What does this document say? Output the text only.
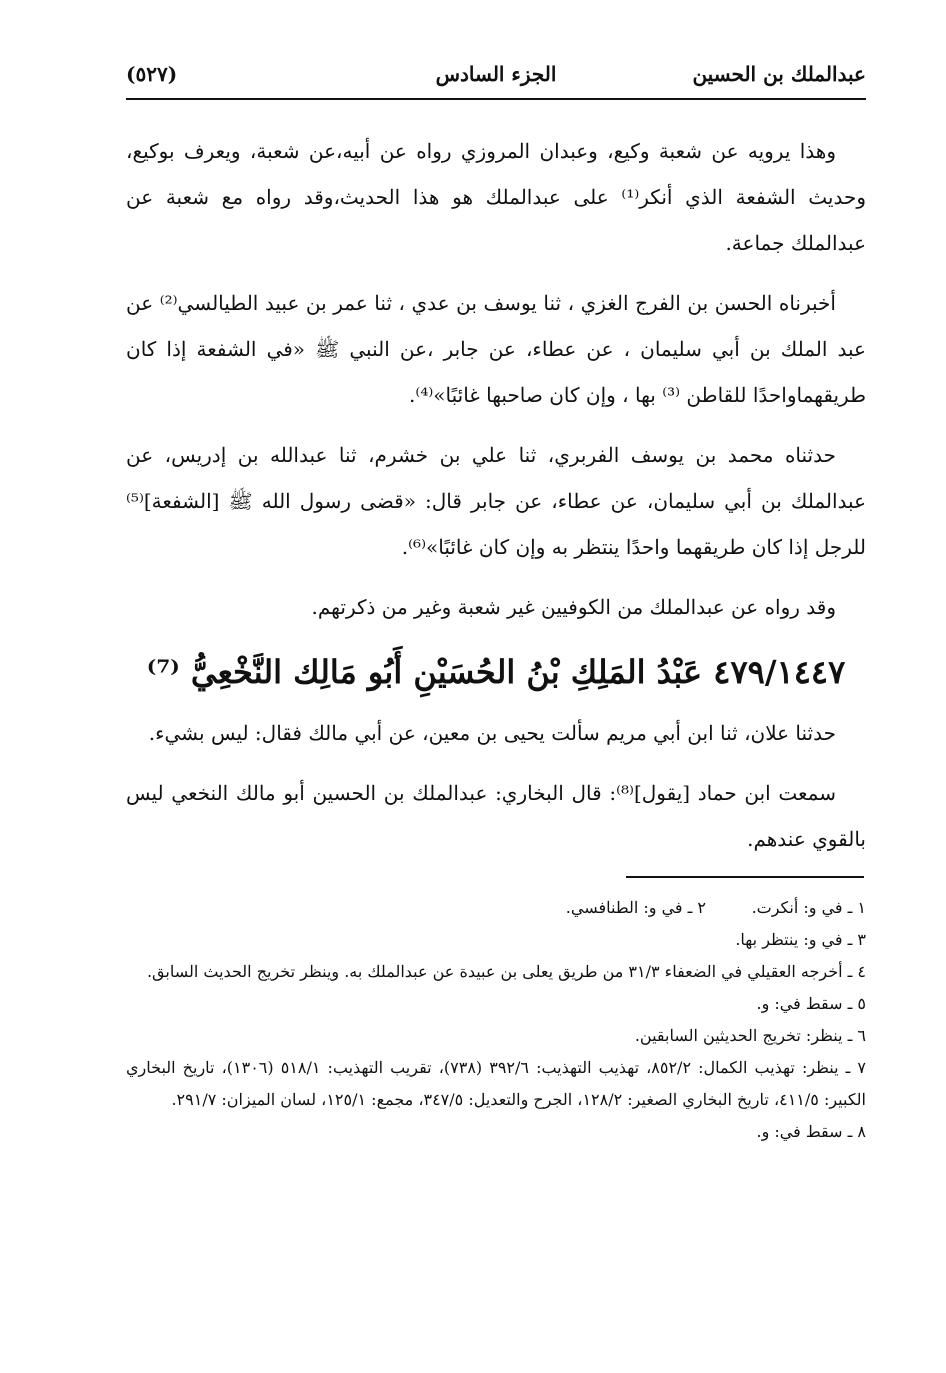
عبدالملك بن الحسين
الجزء السادس
(٥٢٧)

وهذا يرويه عن شعبة وكيع، وعبدان المروزي رواه عن أبيه،عن شعبة، ويعرف بوكيع، وحديث الشفعة الذي أنكر⁽¹⁾ على عبدالملك هو هذا الحديث،وقد رواه مع شعبة عن عبدالملك جماعة.

أخبرناه الحسن بن الفرج الغزي ، ثنا يوسف بن عدي ، ثنا عمر بن عبيد الطيالسي⁽²⁾ عن عبد الملك بن أبي سليمان ، عن عطاء، عن جابر ،عن النبي ﷺ «في الشفعة إذا كان طريقهماواحدًا للقاطن ⁽³⁾ بها ، وإن كان صاحبها غائبًا»⁽⁴⁾.

حدثناه محمد بن يوسف الفربري، ثنا علي بن خشرم، ثنا عبدالله بن إدريس، عن عبدالملك بن أبي سليمان، عن عطاء، عن جابر قال: «قضى رسول الله ﷺ [الشفعة]⁽⁵⁾ للرجل إذا كان طريقهما واحدًا ينتظر به وإن كان غائبًا»⁽⁶⁾.

وقد رواه عن عبدالملك من الكوفيين غير شعبة وغير من ذكرتهم.

٤٧٩/١٤٤٧ عَبْدُ المَلِكِ بْنُ الحُسَيْنِ أَبُو مَالِك النَّخْعِيُّ ⁽⁷⁾

حدثنا علان، ثنا ابن أبي مريم سألت يحيى بن معين، عن أبي مالك فقال: ليس بشيء.

سمعت ابن حماد [يقول]⁽⁸⁾: قال البخاري: عبدالملك بن الحسين أبو مالك النخعي ليس بالقوي عندهم.

١ ـ في و: أنكرت.
٢ ـ في و: الطنافسي.
٣ ـ في و: ينتظر بها.
٤ ـ أخرجه العقيلي في الضعفاء ٣١/٣ من طريق يعلى بن عبيدة عن عبدالملك به. وينظر تخريج الحديث السابق.
٥ ـ سقط في: و.
٦ ـ ينظر: تخريج الحديثين السابقين.
٧ ـ ينظر: تهذيب الكمال: ٨٥٢/٢، تهذيب التهذيب: ٣٩٢/٦ (٧٣٨)، تقريب التهذيب: ٥١٨/١ (١٣٠٦)، تاريخ البخاري الكبير: ٤١١/٥، تاريخ البخاري الصغير: ١٢٨/٢، الجرح والتعديل: ٣٤٧/٥، مجمع: ١٢٥/١، لسان الميزان: ٢٩١/٧.
٨ ـ سقط في: و.
